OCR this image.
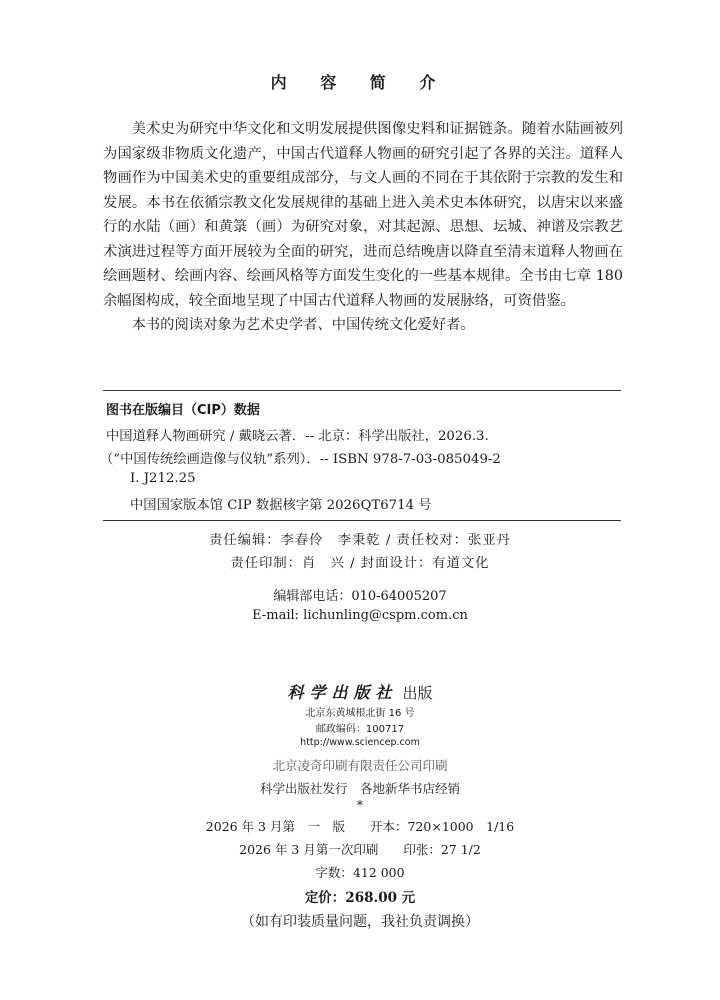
内 容 简 介

美术史为研究中华文化和文明发展提供图像史料和证据链条。随着水陆画被列为国家级非物质文化遗产，中国古代道释人物画的研究引起了各界的关注。道释人物画作为中国美术史的重要组成部分，与文人画的不同在于其依附于宗教的发生和发展。本书在依循宗教文化发展规律的基础上进入美术史本体研究，以唐宋以来盛行的水陆（画）和黄箓（画）为研究对象，对其起源、思想、坛城、神谱及宗教艺术演进过程等方面开展较为全面的研究，进而总结晚唐以降直至清末道释人物画在绘画题材、绘画内容、绘画风格等方面发生变化的一些基本规律。全书由七章 180 余幅图构成，较全面地呈现了中国古代道释人物画的发展脉络，可资借鉴。

本书的阅读对象为艺术史学者、中国传统文化爱好者。

图书在版编目（CIP）数据
中国道释人物画研究 / 戴晓云著．-- 北京：科学出版社，2026.3.
（“中国传统绘画造像与仪轨”系列）．-- ISBN 978-7-03-085049-2
Ⅰ. J212.25
中国国家版本馆 CIP 数据核字第 2026QT6714 号
责任编辑：李春伶　李秉乾 / 责任校对：张亚丹
责任印制：肖　兴 / 封面设计：有道文化
编辑部电话：010-64005207
E-mail: lichunling@cspm.com.cn
科学出版社 出版
北京东黄城根北街 16 号
邮政编码：100717
http://www.sciencep.com
北京凌奇印刷有限责任公司印刷
科学出版社发行　各地新华书店经销
*
2026 年 3 月第　一　版　　开本：720×1000　1/16
2026 年 3 月第一次印刷　　印张：27 1/2
字数：412 000
定价：268.00 元
（如有印装质量问题，我社负责调换）
